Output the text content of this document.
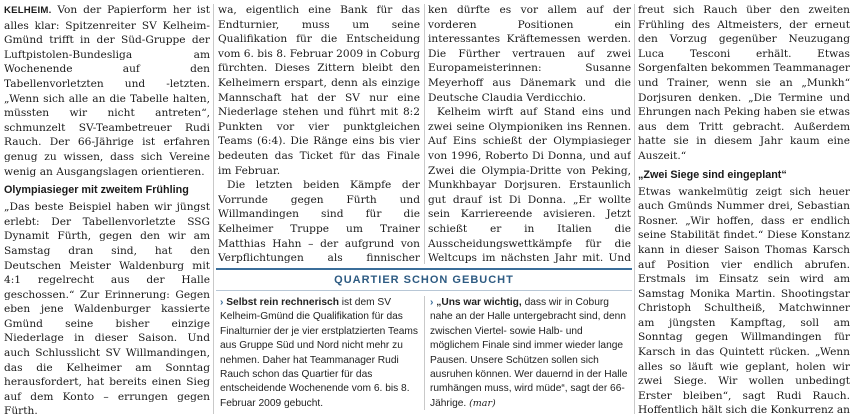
KELHEIM. Von der Papierform her ist alles klar: Spitzenreiter SV Kelheim-Gmünd trifft in der Süd-Gruppe der Luftpistolen-Bundesliga am Wochenende auf den Tabellenvorletzten und -letzten. „Wenn sich alle an die Tabelle halten, müssten wir nicht antreten“, schmunzelt SV-Teambetreuer Rudi Rauch. Der 66-Jährige ist erfahren genug zu wissen, dass sich Vereine wenig an Ausgangslagen orientieren.

Olympiasieger mit zweitem Frühling

„Das beste Beispiel haben wir jüngst erlebt: Der Tabellenvorletzte SSG Dynamit Fürth, gegen den wir am Samstag dran sind, hat den Deutschen Meister Waldenburg mit 4:1 regelrecht aus der Halle geschossen.“ Zur Erinnerung: Gegen eben jene Waldenburger kassierte Gmünd seine bisher einzige Niederlage in dieser Saison. Und auch Schlusslicht SV Willmandingen, das die Kelheimer am Sonntag herausfordert, hat bereits einen Sieg auf dem Konto – errungen gegen Fürth.

wa, eigentlich eine Bank für das Endturnier, muss um seine Qualifikation für die Entscheidung vom 6. bis 8. Februar 2009 in Coburg fürchten. Dieses Zittern bleibt den Kelheimern erspart, denn als einzige Mannschaft hat der SV nur eine Niederlage stehen und führt mit 8:2 Punkten vor vier punktgleichen Teams (6:4). Die Ränge eins bis vier bedeuten das Ticket für das Finale im Februar.

Die letzten beiden Kämpfe der Vorrunde gegen Fürth und Willmandingen sind für die Kelheimer Truppe um Trainer Matthias Hahn – der aufgrund von Verpflichtungen als finnischer

ken dürfte es vor allem auf der vorderen Positionen ein interessantes Kräftemessen werden. Die Fürther vertrauen auf zwei Europameisterinnen: Susanne Meyerhoff aus Dänemark und die Deutsche Claudia Verdicchio.

Kelheim wirft auf Stand eins und zwei seine Olympioniken ins Rennen. Auf Eins schießt der Olympiasieger von 1996, Roberto Di Donna, und auf Zwei die Olympia-Dritte von Peking, Munkhbayar Dorjsuren. Erstaunlich gut drauf ist Di Donna. „Er wollte sein Karriereende avisieren. Jetzt schießt er in Italien die Ausscheidungswettkämpfe für die Weltcups im nächsten Jahr mit. Und

freut sich Rauch über den zweiten Frühling des Altmeisters, der erneut den Vorzug gegenüber Neuzugang Luca Tesconi erhält. Etwas Sorgenfalten bekommen Teammanager und Trainer, wenn sie an „Munkh“ Dorjsuren denken. „Die Termine und Ehrungen nach Peking haben sie etwas aus dem Tritt gebracht. Außerdem hatte sie in diesem Jahr kaum eine Auszeit.“

„Zwei Siege sind eingeplant“

Etwas wankelmütig zeigt sich heuer auch Gmünds Nummer drei, Sebastian Rosner. „Wir hoffen, dass er endlich seine Stabilität findet.“ Diese Konstanz kann in dieser Saison Thomas Karsch auf Position vier endlich abrufen. Erstmals im Einsatz sein wird am Samstag Monika Martin. Shootingstar Christoph Schultheiß, Matchwinner am jüngsten Kampftag, soll am Sonntag gegen Willmandingen für Karsch in das Quintett rücken. „Wenn alles so läuft wie geplant, holen wir zwei Siege. Wir wollen unbedingt Erster bleiben“, sagt Rudi Rauch. Hoffentlich hält sich die Konkurrenz an

QUARTIER SCHON GEBUCHT
› Selbst rein rechnerisch ist dem SV Kelheim-Gmünd die Qualifikation für das Finalturnier der je vier erstplatzierten Teams aus Gruppe Süd und Nord nicht mehr zu nehmen. Daher hat Teammanager Rudi Rauch schon das Quartier für das entscheidende Wochenende vom 6. bis 8. Februar 2009 gebucht.
› „Uns war wichtig, dass wir in Coburg nahe an der Halle untergebracht sind, denn zwischen Viertel- sowie Halb- und möglichem Finale sind immer wieder lange Pausen. Unsere Schützen sollen sich ausruhen können. Wer dauernd in der Halle rumhängen muss, wird müde“, sagt der 66-Jährige. (mar)
